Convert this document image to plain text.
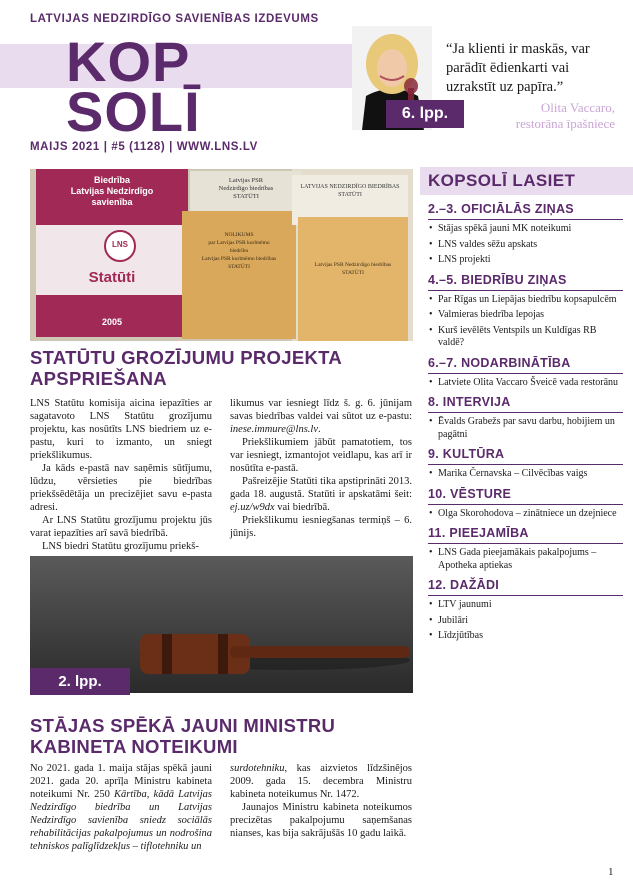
LATVIJAS NEDZIRDĪGO SAVIENĪBAS IZDEVUMS
KOP
SOLĪ
MAIJS 2021 | #5 (1128) | WWW.LNS.LV
6. lpp.
“Ja klienti ir maskās, var parādīt ēdienkarti vai uzrakstīt uz papīra.”
Olita Vaccaro,
restorāna īpašniece
Biedrība
Latvijas Nedzirdīgo
savienība
LNS
Statūti
2005
Latvijas PSR
Nedzirdīgo biedrības
STATŪTI
NOLIKUMS
par Latvijas PSR kurlmēmo
biedrību
Latvijas PSR kurlmēmo biedrības
STATŪTI
LATVIJAS NEDZIRDĪGO BIEDRĪBAS
STATŪTI
Latvijas PSR Nedzirdīgo biedrības
STATŪTI
STATŪTU GROZĪJUMU PROJEKTA APSPRIEŠANA

LNS Statūtu komisija aicina iepazīties ar sagatavoto LNS Statūtu grozījumu projektu, kas nosūtīts LNS biedriem uz e-pastu, kuri to izmanto, un sniegt priekšlikumus.

Ja kāds e-pastā nav saņēmis sūtījumu, lūdzu, vērsieties pie biedrības priekšsēdētāja un precizējiet savu e-pasta adresi.

Ar LNS Statūtu grozījumu projektu jūs varat iepazīties arī savā biedrībā.

LNS biedri Statūtu grozījumu priekš-

likumus var iesniegt līdz š. g. 6. jūnijam savas biedrības valdei vai sūtot uz e-pastu: inese.immure@lns.lv.

Priekšlikumiem jābūt pamatotiem, tos var iesniegt, izmantojot veidlapu, kas arī ir nosūtīta e-pastā.

Pašreizējie Statūti tika apstiprināti 2013. gada 18. augustā. Statūti ir apskatāmi šeit: ej.uz/w9dx vai biedrībā.

Priekšlikumu iesniegšanas termiņš – 6. jūnijs.

2. lpp.
STĀJAS SPĒKĀ JAUNI MINISTRU KABINETA NOTEIKUMI

No 2021. gada 1. maija stājas spēkā jauni 2021. gada 20. aprīļa Ministru kabineta noteikumi Nr. 250 Kārtība, kādā Latvijas Nedzirdīgo biedrība un Latvijas Nedzirdīgo savienība sniedz sociālās rehabilitācijas pakalpojumus un nodrošina tehniskos palīglīdzekļus – tiflotehniku un

surdotehniku, kas aizvietos līdzšinējos 2009. gada 15. decembra Ministru kabineta noteikumus Nr. 1472.

Jaunajos Ministru kabineta noteikumos precizētas pakalpojumu saņemšanas nianses, kas bija sakrājušās 10 gadu laikā.

KOPSOLĪ LASIET
2.–3. OFICIĀLĀS ZIŅAS
• Stājas spēkā jauni MK noteikumi
• LNS valdes sēžu apskats
• LNS projekti
4.–5. BIEDRĪBU ZIŅAS
• Par Rīgas un Liepājas biedrību kopsapulcēm
• Valmieras biedrība lepojas
• Kurš ievēlēts Ventspils un Kuldīgas RB valdē?
6.–7. NODARBINĀTĪBA
• Latviete Olita Vaccaro Šveicē vada restorānu
8. INTERVIJA
• Ēvalds Grabežs par savu darbu, hobijiem un pagātni
9. KULTŪRA
• Marika Černavska – Cilvēcības vaigs
10. VĒSTURE
• Olga Skorohodova – zinātniece un dzejniece
11. PIEEJAMĪBA
• LNS Gada pieejamākais pakalpojums – Apotheka aptiekas
12. DAŽĀDI
• LTV jaunumi
• Jubilāri
• Līdzjūtības
1
